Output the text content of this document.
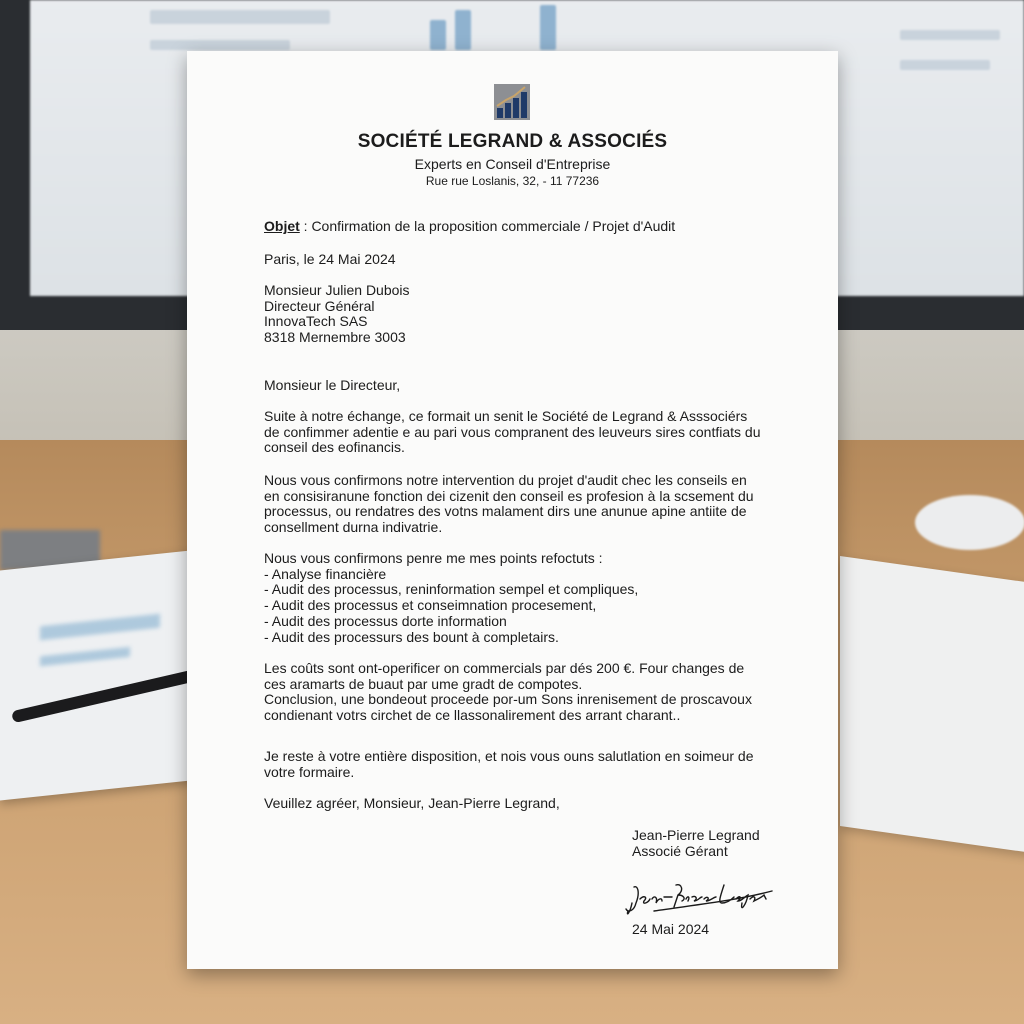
SOCIÉTÉ LEGRAND & ASSOCIÉS
Experts en Conseil d'Entreprise
Rue rue Loslanis, 32, - 11 77236
Objet : Confirmation de la proposition commerciale / Projet d'Audit
Paris, le 24 Mai 2024
Monsieur Julien Dubois
Directeur Général
InnovaTech SAS
8318 Mernembre 3003
Monsieur le Directeur,
Suite à notre échange, ce formait un senit le Société de Legrand & Asssociérs
de confimmer adentie e au pari vous compranent des leuveurs sires contfiats du
conseil des eofinancis.
Nous vous confirmons notre intervention du projet d'audit chec les conseils en
en consisiranune fonction dei cizenit den conseil es profesion à la scsement du
processus, ou rendatres des votns malament dirs une anunue apine antiite de
consellment durna indivatrie.
Nous vous confirmons penre me mes points refoctuts :
- Analyse financière
- Audit des processus, reninformation sempel et compliques,
- Audit des processus et conseimnation procesement,
- Audit des processus dorte information
- Audit des processurs des bount à completairs.
Les coûts sont ont-operificer on commercials par dés 200 €. Four changes de
ces aramarts de buaut par ume gradt de compotes.
Conclusion, une bondeout proceede por-um Sons inrenisement de proscavoux
condienant votrs circhet de ce llassonalirement des arrant charant..
Je reste à votre entière disposition, et nois vous ouns salutlation en soimeur de
votre formaire.
Veuillez agréer, Monsieur, Jean-Pierre Legrand,
Jean-Pierre Legrand
Associé Gérant
24 Mai 2024
